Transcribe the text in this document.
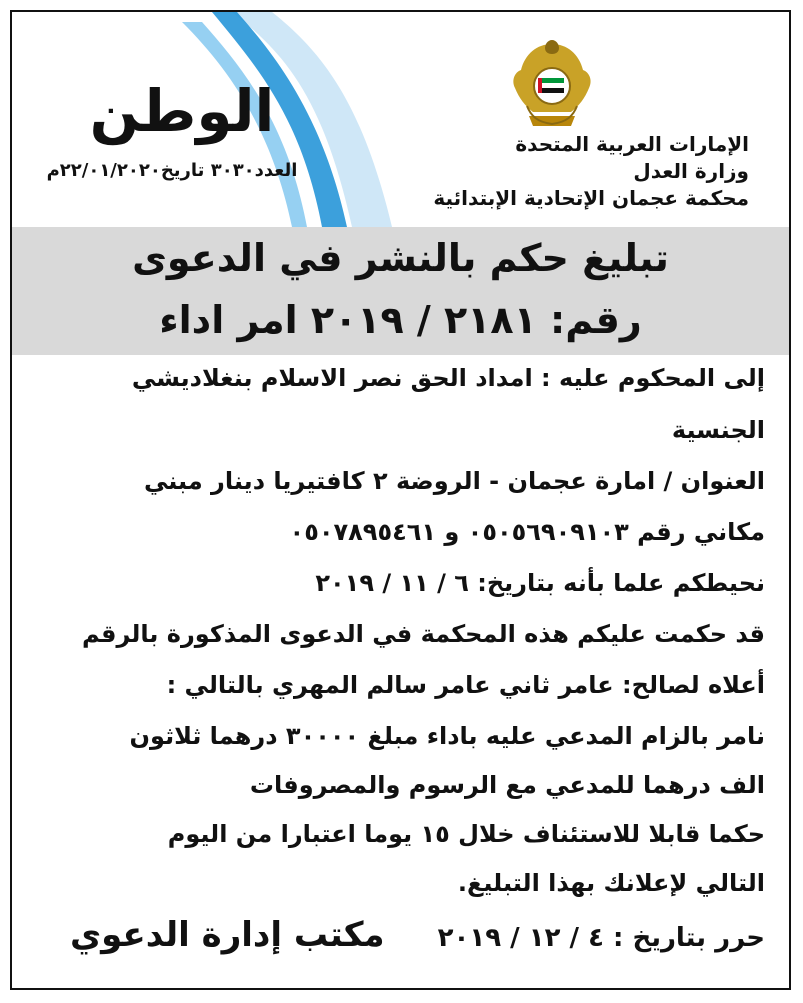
الوطن
العدد٣٠٣٠ تاريخ٢٢/٠١/٢٠٢٠م
الإمارات العربية المتحدة
وزارة العدل
محكمة عجمان الإتحادية الإبتدائية
تبليغ حكم بالنشر في الدعوى
رقم: ٢١٨١ / ٢٠١٩ امر اداء
إلى المحكوم عليه : امداد الحق نصر الاسلام بنغلاديشي
الجنسية
العنوان / امارة عجمان - الروضة ٢ كافتيريا دينار مبني
مكاني رقم ٠٥٠٥٦٩٠٩١٠٣ و ٠٥٠٧٨٩٥٤٦١
نحيطكم علما بأنه بتاريخ: ٦ / ١١ / ٢٠١٩
قد حكمت عليكم هذه المحكمة في الدعوى المذكورة بالرقم
أعلاه لصالح: عامر ثاني عامر سالم المهري بالتالي :
نامر بالزام المدعي عليه باداء مبلغ ٣٠٠٠٠ درهما ثلاثون
الف درهما للمدعي مع الرسوم والمصروفات
حكما قابلا للاستئناف خلال ١٥ يوما اعتبارا من اليوم
التالي لإعلانك بهذا التبليغ.
حرر بتاريخ : ٤ / ١٢ / ٢٠١٩ مكتب إدارة الدعوي
